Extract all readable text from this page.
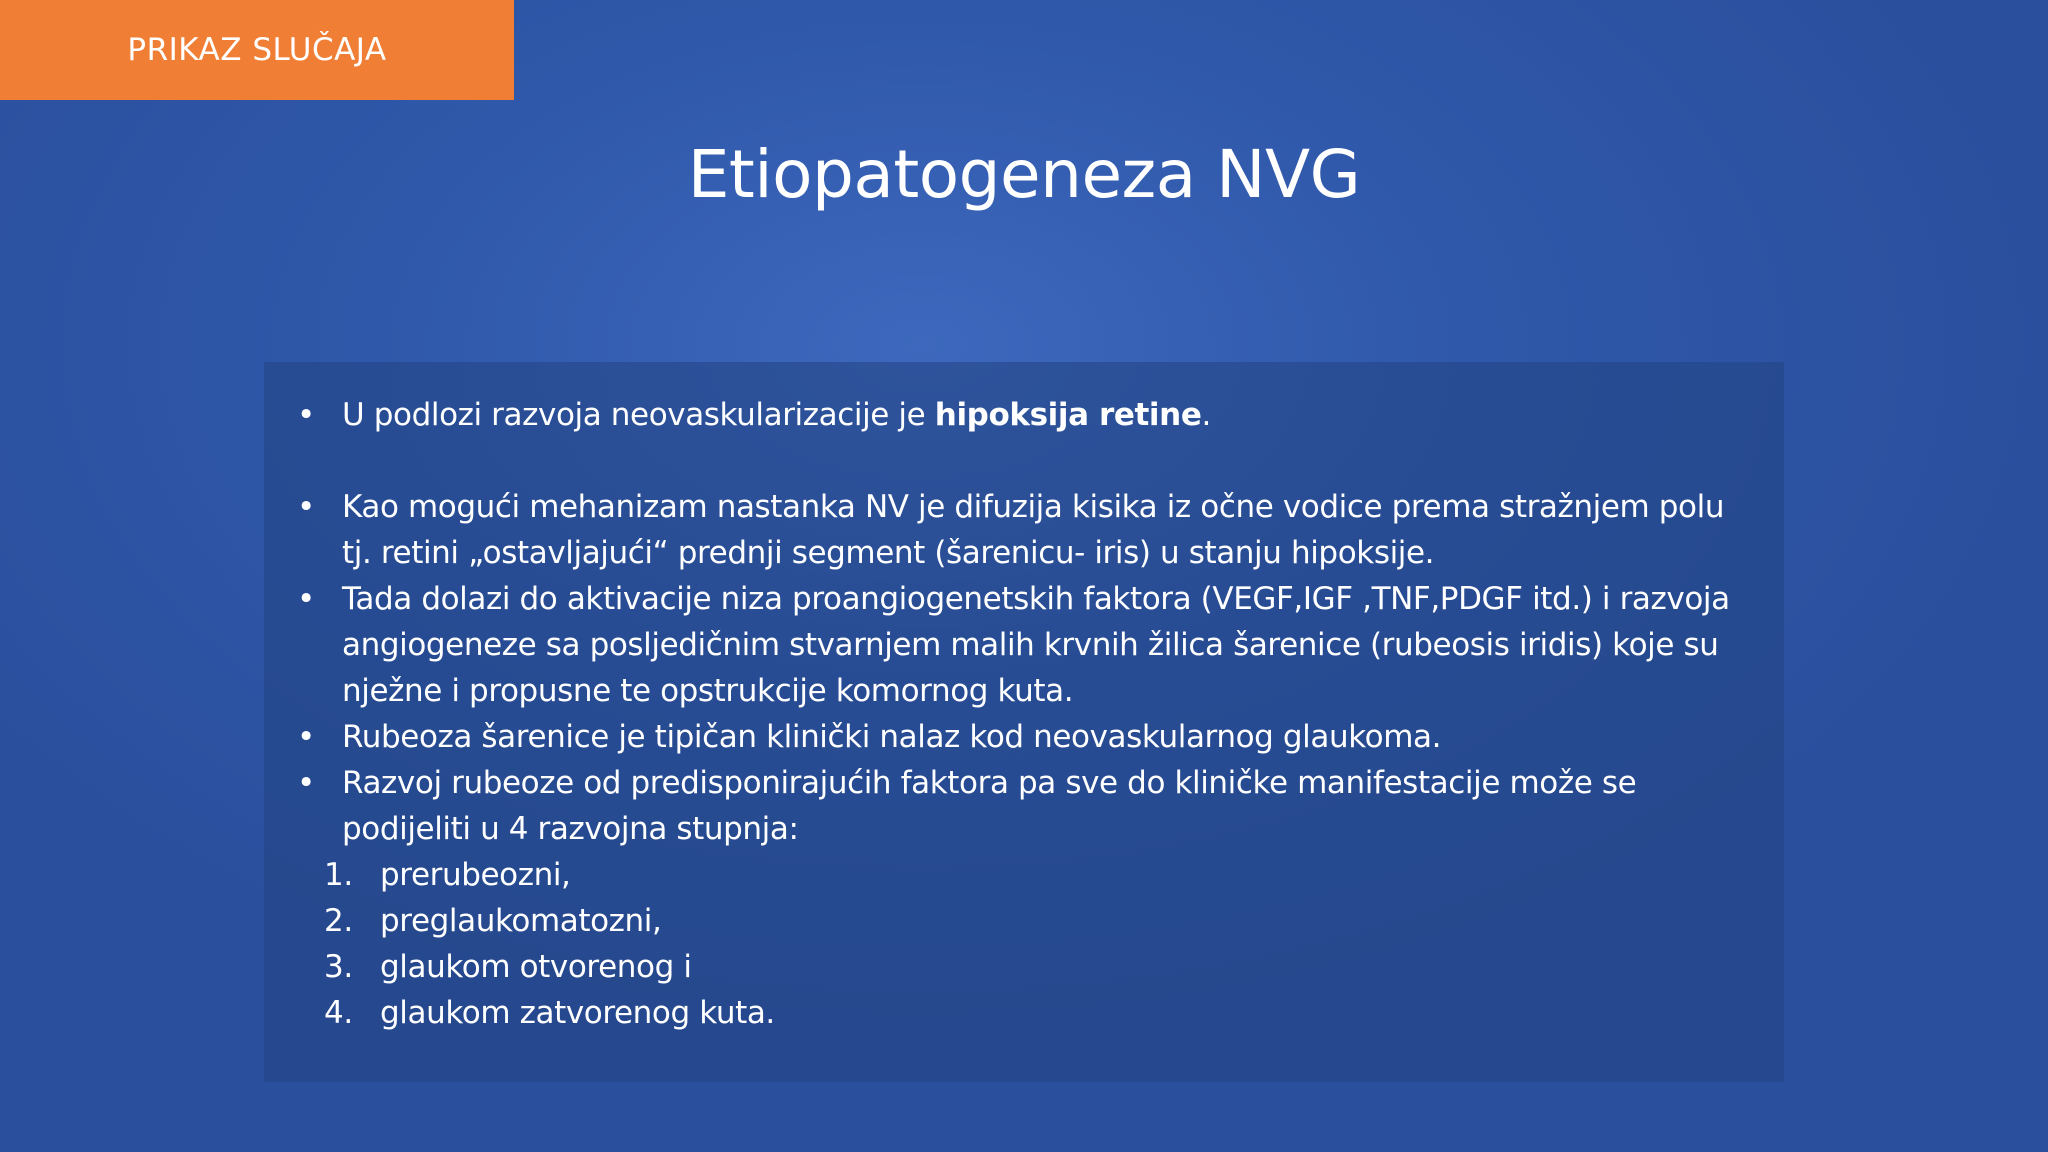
PRIKAZ SLUČAJA
Etiopatogeneza NVG
• U podlozi razvoja neovaskularizacije je hipoksija retine.
• Kao mogući mehanizam nastanka NV je difuzija kisika iz očne vodice prema stražnjem polu tj. retini „ostavljajući“ prednji segment (šarenicu- iris) u stanju hipoksije.
• Tada dolazi do aktivacije niza proangiogenetskih faktora (VEGF,IGF ,TNF,PDGF itd.) i razvoja angiogeneze sa posljedičnim stvarnjem malih krvnih žilica šarenice (rubeosis iridis) koje su nježne i propusne te opstrukcije komornog kuta.
• Rubeoza šarenice je tipičan klinički nalaz kod neovaskularnog glaukoma.
• Razvoj rubeoze od predisponirajućih faktora pa sve do kliničke manifestacije može se podijeliti u 4 razvojna stupnja:
1. prerubeozni,
2. preglaukomatozni,
3. glaukom otvorenog i
4. glaukom zatvorenog kuta.
